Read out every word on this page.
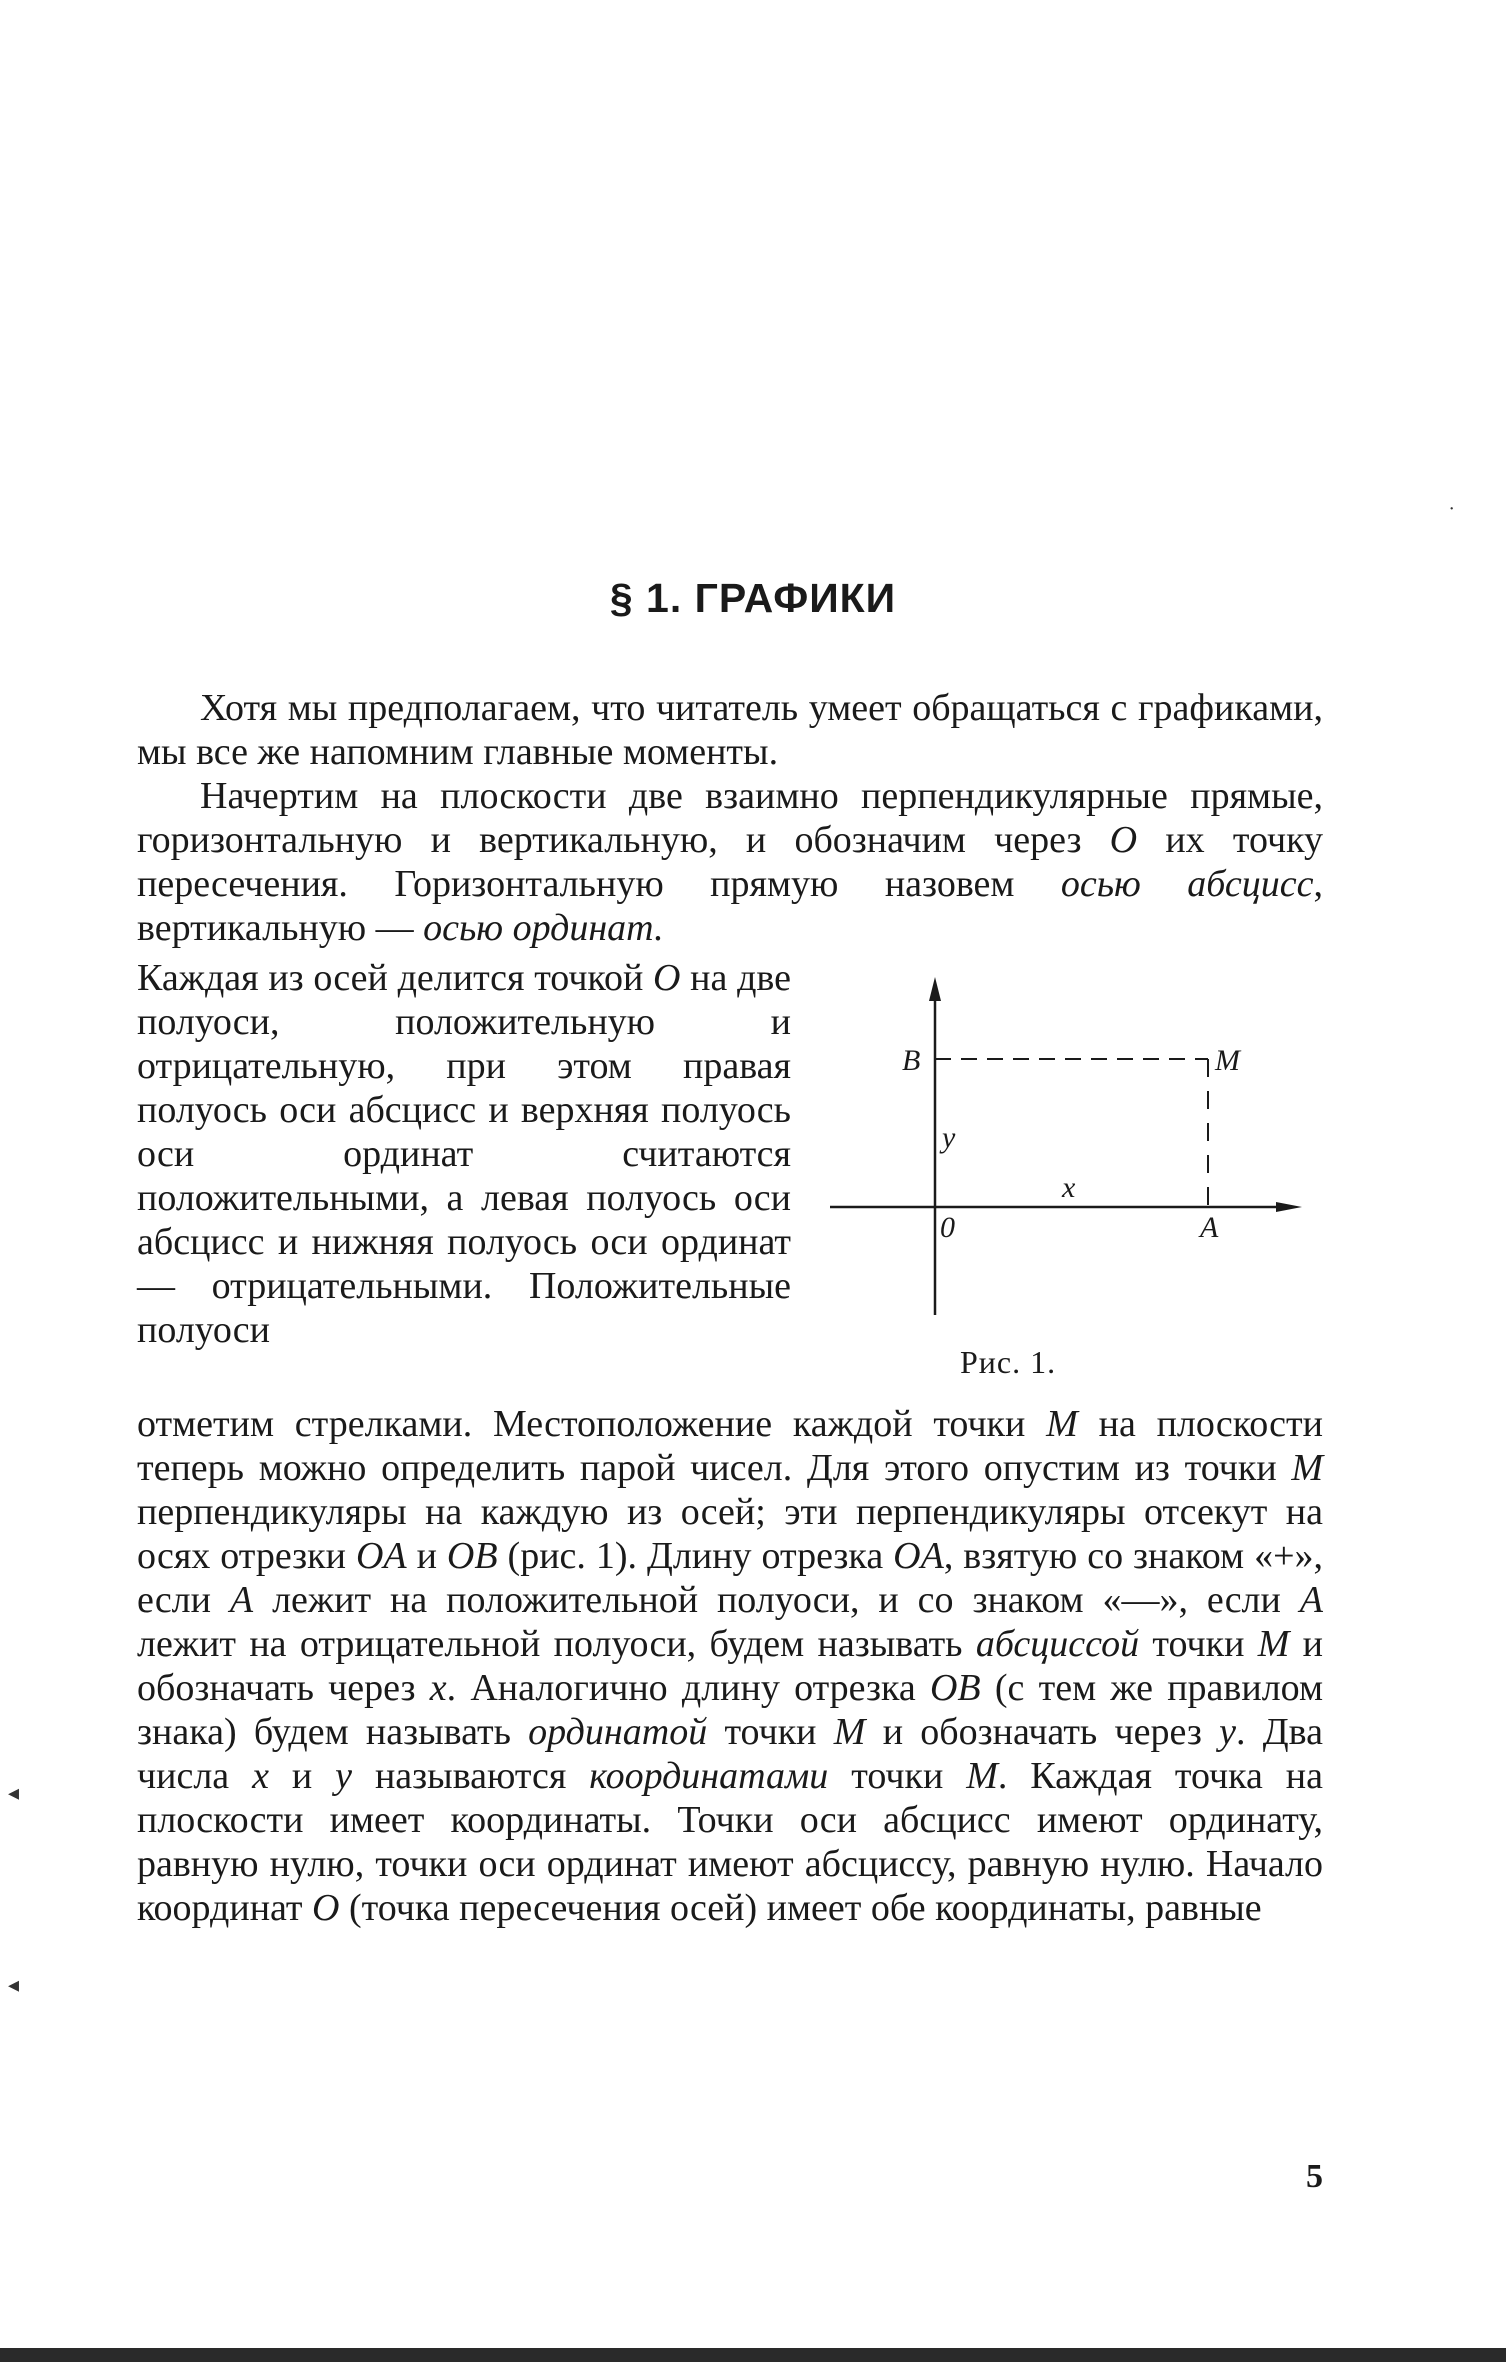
§ 1. ГРАФИКИ

Хотя мы предполагаем, что читатель умеет обращаться с графиками, мы все же напомним главные моменты.

Начертим на плоскости две взаимно перпендикулярные прямые, горизонтальную и вертикальную, и обозначим через O их точку пересечения. Горизонтальную прямую назовем осью абсцисс, вертикальную — осью ординат.

Каждая из осей делится точкой O на две полуоси, положительную и отрицательную, при этом правая полуось оси абсцисс и верхняя полуось оси ординат считаются положительными, а левая полуось оси абсцисс и нижняя полуось оси ординат — отрицательными. Положительные полуоси

B	M
y
x
0	A
Рис. 1.

отметим стрелками. Местоположение каждой точки M на плоскости теперь можно определить парой чисел. Для этого опустим из точки M перпендикуляры на каждую из осей; эти перпендикуляры отсекут на осях отрезки OA и OB (рис. 1). Длину отрезка OA, взятую со знаком «+», если A лежит на положительной полуоси, и со знаком «—», если A лежит на отрицательной полуоси, будем называть абсциссой точки M и обозначать через x. Аналогично длину отрезка OB (с тем же правилом знака) будем называть ординатой точки M и обозначать через y. Два числа x и y называются координатами точки M. Каждая точка на плоскости имеет координаты. Точки оси абсцисс имеют ординату, равную нулю, точки оси ординат имеют абсциссу, равную нулю. Начало координат O (точка пересечения осей) имеет обе координаты, равные

5
˙
◂
◂
